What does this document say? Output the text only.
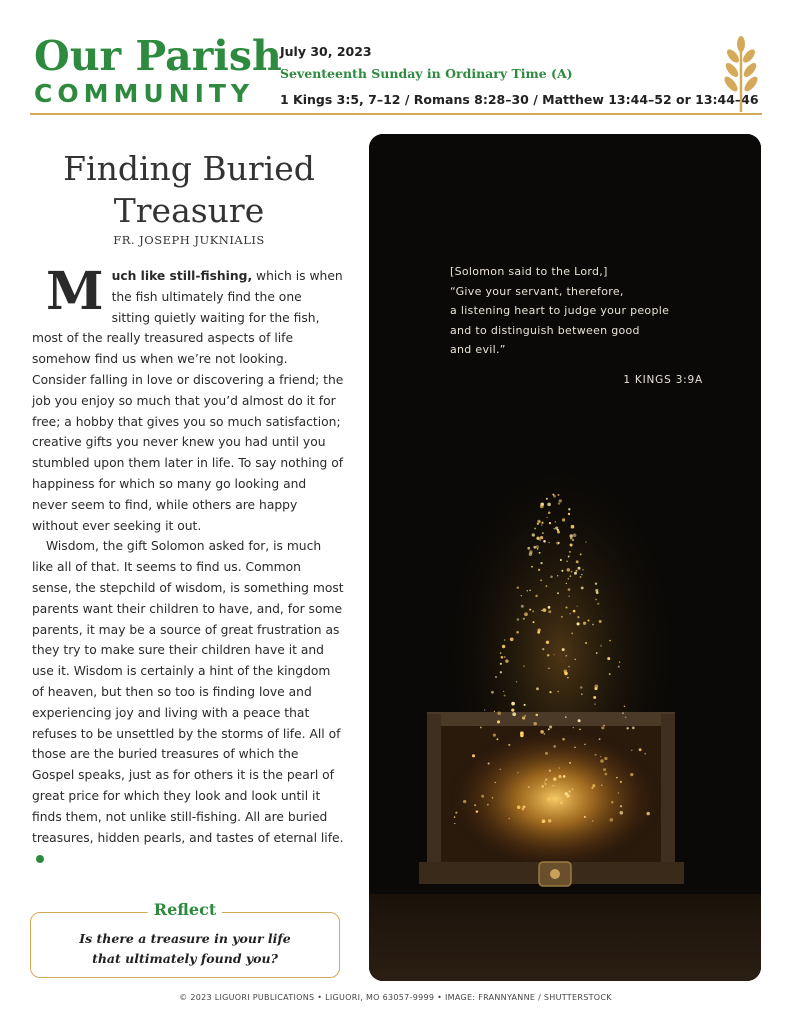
Our Parish
COMMUNITY
July 30, 2023
Seventeenth Sunday in Ordinary Time (A)
1 Kings 3:5, 7–12 / Romans 8:28–30 / Matthew 13:44–52 or 13:44–46
Finding Buried Treasure
FR. JOSEPH JUKNIALIS

Much like still-fishing, which is when the fish ultimately find the one sitting quietly waiting for the fish, most of the really treasured aspects of life somehow find us when we’re not looking. Consider falling in love or discovering a friend; the job you enjoy so much that you’d almost do it for free; a hobby that gives you so much satisfaction; creative gifts you never knew you had until you stumbled upon them later in life. To say nothing of happiness for which so many go looking and never seem to find, while others are happy without ever seeking it out.

Wisdom, the gift Solomon asked for, is much like all of that. It seems to find us. Common sense, the stepchild of wisdom, is something most parents want their children to have, and, for some parents, it may be a source of great frustration as they try to make sure their children have it and use it. Wisdom is certainly a hint of the kingdom of heaven, but then so too is finding love and experiencing joy and living with a peace that refuses to be unsettled by the storms of life. All of those are the buried treasures of which the Gospel speaks, just as for others it is the pearl of great price for which they look and look until it finds them, not unlike still-fishing. All are buried treasures, hidden pearls, and tastes of eternal life.

Reflect
Is there a treasure in your life
that ultimately found you?
[Solomon said to the Lord,]
“Give your servant, therefore,
a listening heart to judge your people
and to distinguish between good
and evil.”
1 KINGS 3:9A
© 2023 LIGUORI PUBLICATIONS • LIGUORI, MO 63057-9999 • IMAGE: FRANNYANNE / SHUTTERSTOCK
